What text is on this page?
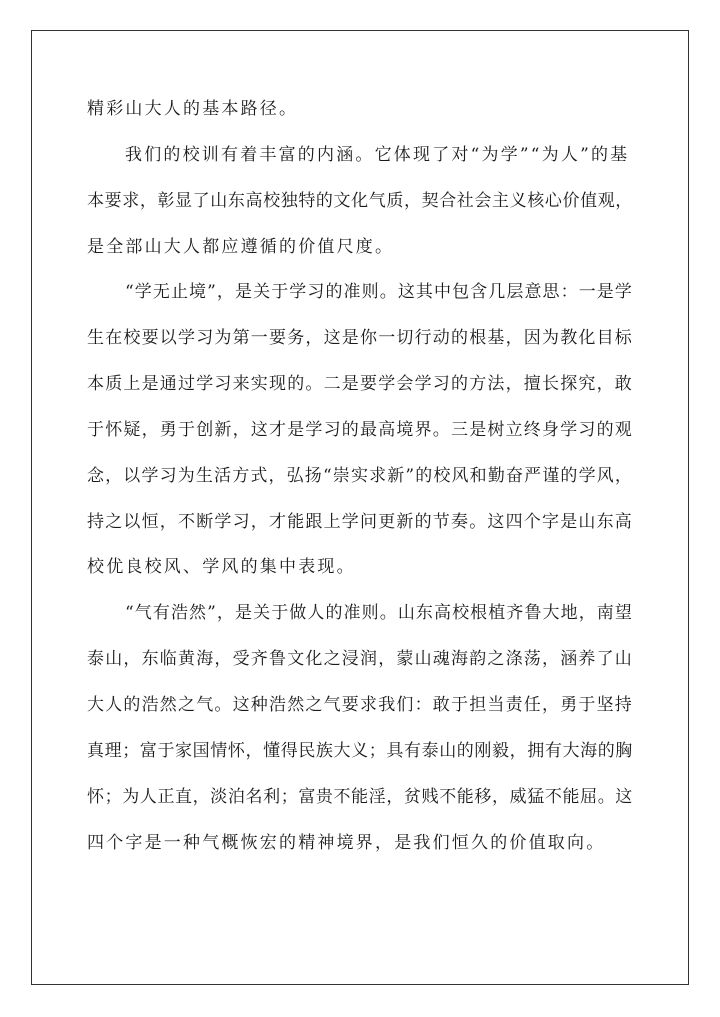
精彩山大人的基本路径。
我们的校训有着丰富的内涵。它体现了对“为学”“为人”的基
本要求，彰显了山东高校独特的文化气质，契合社会主义核心价值观，
是全部山大人都应遵循的价值尺度。
“学无止境”，是关于学习的准则。这其中包含几层意思：一是学
生在校要以学习为第一要务，这是你一切行动的根基，因为教化目标
本质上是通过学习来实现的。二是要学会学习的方法，擅长探究，敢
于怀疑，勇于创新，这才是学习的最高境界。三是树立终身学习的观
念，以学习为生活方式，弘扬“崇实求新”的校风和勤奋严谨的学风，
持之以恒，不断学习，才能跟上学问更新的节奏。这四个字是山东高
校优良校风、学风的集中表现。
“气有浩然”，是关于做人的准则。山东高校根植齐鲁大地，南望
泰山，东临黄海，受齐鲁文化之浸润，蒙山魂海韵之涤荡，涵养了山
大人的浩然之气。这种浩然之气要求我们：敢于担当责任，勇于坚持
真理；富于家国情怀，懂得民族大义；具有泰山的刚毅，拥有大海的胸
怀；为人正直，淡泊名利；富贵不能淫，贫贱不能移，威猛不能屈。这
四个字是一种气概恢宏的精神境界，是我们恒久的价值取向。
